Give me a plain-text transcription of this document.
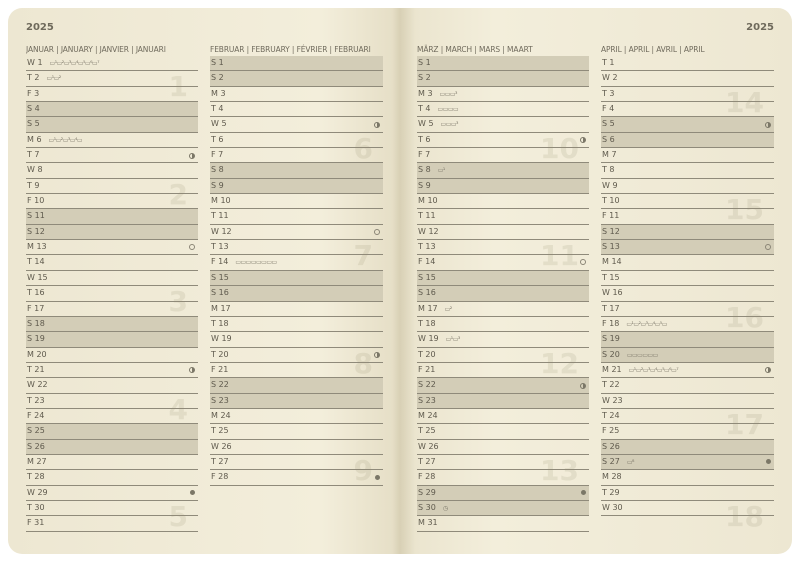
2025	2025
JANUAR | JANUARY | JANVIER | JANUARI
W 1 ▭¹▭²▭³▭⁴▭⁵▭⁶▭⁷
T 2 ▭¹▭²
F 3
S 4
S 5
M 6 ▭¹▭²▭³▭⁴▭
T 7
W 8
T 9
F 10
S 11
S 12
M 13
T 14
W 15
T 16
F 17
S 18
S 19
M 20
T 21
W 22
T 23
F 24
S 25
S 26
M 27
T 28
W 29
T 30
F 31
1
2
3
4
5
FEBRUAR | FEBRUARY | FÉVRIER | FEBRUARI
S 1
S 2
M 3
T 4
W 5
T 6
F 7
S 8
S 9
M 10
T 11
W 12
T 13
F 14 ▭▭▭▭▭▭▭▭
S 15
S 16
M 17
T 18
W 19
T 20
F 21
S 22
S 23
M 24
T 25
W 26
T 27
F 28
6
7
8
9
MÄRZ | MARCH | MARS | MAART
S 1
S 2
M 3 ▭▭▭³
T 4 ▭▭▭▭
W 5 ▭▭▭³
T 6
F 7
S 8 ▭¹
S 9
M 10
T 11
W 12
T 13
F 14
S 15
S 16
M 17 ▭²
T 18
W 19 ▭¹▭³
T 20
F 21
S 22
S 23
M 24
T 25
W 26
T 27
F 28
S 29
S 30 ◷
M 31
10
11
12
13
APRIL | APRIL | AVRIL | APRIL
T 1
W 2
T 3
F 4
S 5
S 6
M 7
T 8
W 9
T 10
F 11
S 12
S 13
M 14
T 15
W 16
T 17
F 18 ▭¹▭²▭³▭⁴▭⁵▭
S 19
S 20 ▭▭▭▭▭▭
M 21 ▭¹▭²▭³▭⁴▭⁵▭⁶▭⁷
T 22
W 23
T 24
F 25
S 26
S 27 ▭⁸
M 28
T 29
W 30
14
15
16
17
18
